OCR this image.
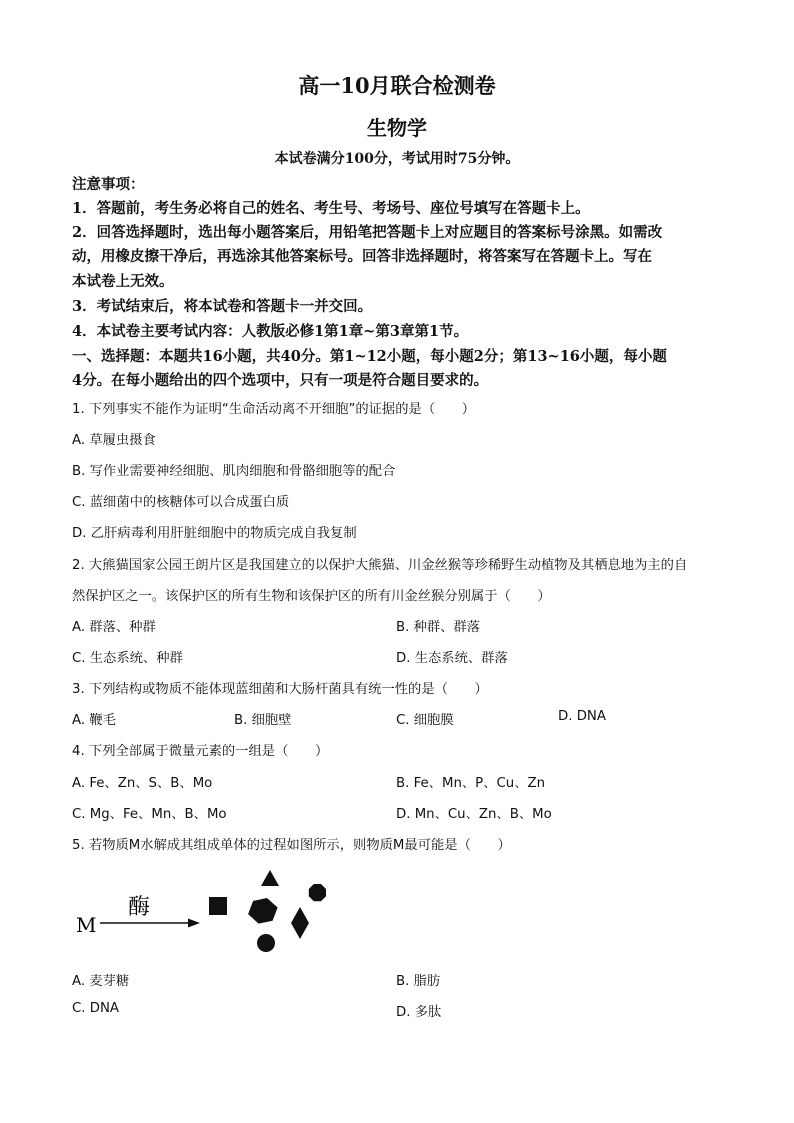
高一10月联合检测卷
生物学
本试卷满分100分，考试用时75分钟。
注意事项：
1．答题前，考生务必将自己的姓名、考生号、考场号、座位号填写在答题卡上。
2．回答选择题时，选出每小题答案后，用铅笔把答题卡上对应题目的答案标号涂黑。如需改
动，用橡皮擦干净后，再选涂其他答案标号。回答非选择题时，将答案写在答题卡上。写在
本试卷上无效。
3．考试结束后，将本试卷和答题卡一并交回。
4．本试卷主要考试内容：人教版必修1第1章~第3章第1节。
一、选择题：本题共16小题，共40分。第1~12小题，每小题2分；第13~16小题，每小题
4分。在每小题给出的四个选项中，只有一项是符合题目要求的。
1. 下列事实不能作为证明“生命活动离不开细胞”的证据的是（　　）
A. 草履虫摄食
B. 写作业需要神经细胞、肌肉细胞和骨骼细胞等的配合
C. 蓝细菌中的核糖体可以合成蛋白质
D. 乙肝病毒利用肝脏细胞中的物质完成自我复制
2. 大熊猫国家公园王朗片区是我国建立的以保护大熊猫、川金丝猴等珍稀野生动植物及其栖息地为主的自
然保护区之一。该保护区的所有生物和该保护区的所有川金丝猴分别属于（　　）
A. 群落、种群	B. 种群、群落
C. 生态系统、种群	D. 生态系统、群落
3. 下列结构或物质不能体现蓝细菌和大肠杆菌具有统一性的是（　　）
A. 鞭毛	B. 细胞壁	C. 细胞膜	D. DNA
4. 下列全部属于微量元素的一组是（　　）
A. Fe、Zn、S、B、Mo	B. Fe、Mn、P、Cu、Zn
C. Mg、Fe、Mn、B、Mo	D. Mn、Cu、Zn、B、Mo
5. 若物质M水解成其组成单体的过程如图所示，则物质M最可能是（　　）
M
酶
A. 麦芽糖	B. 脂肪
C. DNA	D. 多肽
